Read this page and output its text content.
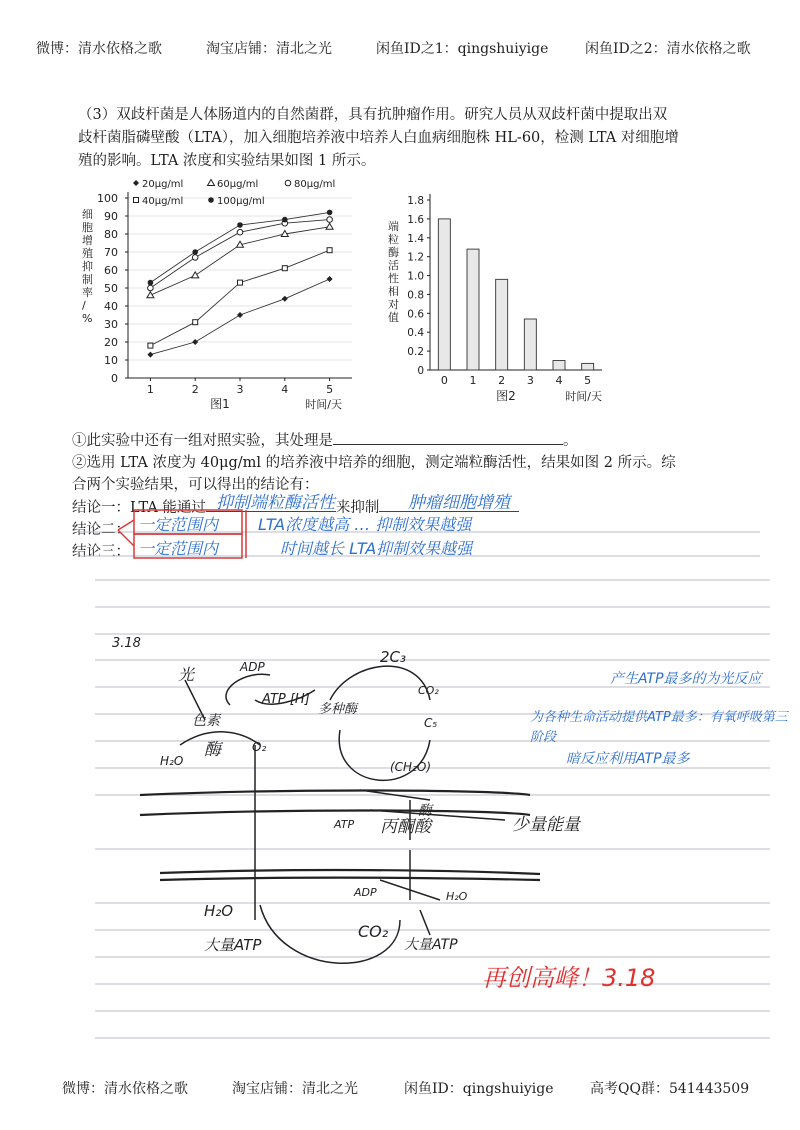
微博：清水依格之歌	淘宝店铺：清北之光	闲鱼ID之1：qingshuiyige	闲鱼ID之2：清水依格之歌

（3）双歧杆菌是人体肠道内的自然菌群，具有抗肿瘤作用。研究人员从双歧杆菌中提取出双

歧杆菌脂磷壁酸（LTA），加入细胞培养液中培养人白血病细胞株 HL-60，检测 LTA 对细胞增

殖的影响。LTA 浓度和实验结果如图 1 所示。

0
10
20
30
40
50
60
70
80
90
100
1	2	3	4	5
细胞增殖抑制率/ %
时间/天
图1
20μg/ml	60μg/ml	80μg/ml
40μg/ml	100μg/ml
0
0.2
0.4
0.6
0.8
1.0
1.2
1.4
1.6
1.8
0 1 2 3 4 5
端粒酶活性相对值
时间/天
图2

①此实验中还有一组对照实验，其处理是	。

②选用 LTA 浓度为 40μg/ml 的培养液中培养的细胞，测定端粒酶活性，结果如图 2 所示。综

合两个实验结果，可以得出的结论有：

结论一：LTA 能通过	来抑制
结论二：
结论三：
抑制端粒酶活性	肿瘤细胞增殖
一定范围内 LTA浓度越高 … 抑制效果越强
一定范围内	时间越长 LTA抑制效果越强
3.18
光
色素
酶
H₂O
ADP
ATP [H]
O₂
2C₃
CO₂
C₅
多种酶
(CH₂O)
酶
ATP 丙酮酸	少量能量
ADP	H₂O
H₂O
CO₂
大量ATP	大量ATP
产生ATP最多的为光反应
为各种生命活动提供ATP最多：有氧呼吸第三阶段
暗反应利用ATP最多
再创高峰！3.18
微博：清水依格之歌	淘宝店铺：清北之光	闲鱼ID：qingshuiyige	高考QQ群：541443509
